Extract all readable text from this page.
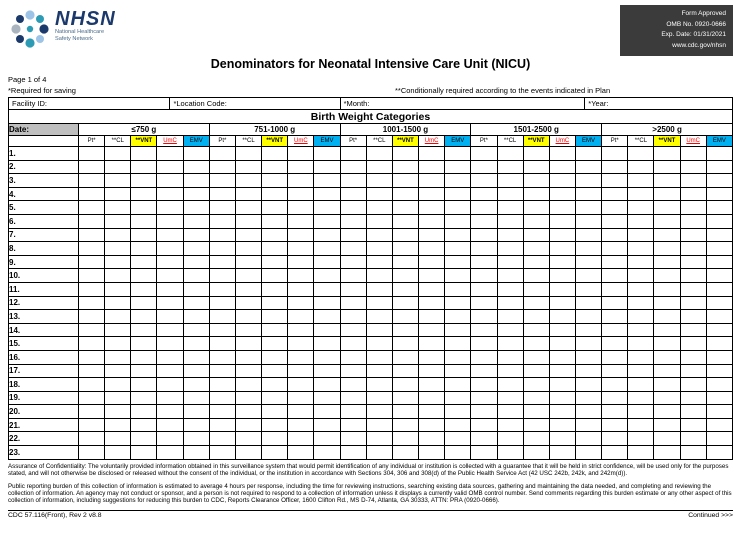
NHSN
National Healthcare
Safety Network
Form Approved
OMB No. 0920-0666
Exp. Date: 01/31/2021
www.cdc.gov/nhsn
Denominators for Neonatal Intensive Care Unit (NICU)
Page 1 of 4
*Required for saving	**Conditionally required according to the events indicated in Plan
Facility ID:	*Location Code:	*Month:	*Year:
Birth Weight Categories
Date:	≤750 g					751-1000 g					1001-1500 g					1501-2500 g					>2500 g				
	Pt*	**CL	**VNT	UmC	EMV	Pt*	**CL	**VNT	UmC	EMV	Pt*	**CL	**VNT	UmC	EMV	Pt*	**CL	**VNT	UmC	EMV	Pt*	**CL	**VNT	UmC	EMV
1.																									
2.																									
3.																									
4.																									
5.																									
6.																									
7.																									
8.																									
9.																									
10.																									
11.																									
12.																									
13.																									
14.																									
15.																									
16.																									
17.																									
18.																									
19.																									
20.																									
21.																									
22.																									
23.																									

Assurance of Confidentiality: The voluntarily provided information obtained in this surveillance system that would permit identification of any individual or institution is collected with a guarantee that it will be held in strict confidence, will be used only for the purposes stated, and will not otherwise be disclosed or released without the consent of the individual, or the institution in accordance with Sections 304, 306 and 308(d) of the Public Health Service Act (42 USC 242b, 242k, and 242m(d)).

Public reporting burden of this collection of information is estimated to average 4 hours per response, including the time for reviewing instructions, searching existing data sources, gathering and maintaining the data needed, and completing and reviewing the collection of information. An agency may not conduct or sponsor, and a person is not required to respond to a collection of information unless it displays a currently valid OMB control number. Send comments regarding this burden estimate or any other aspect of this collection of information, including suggestions for reducing this burden to CDC, Reports Clearance Officer, 1600 Clifton Rd., MS D-74, Atlanta, GA 30333, ATTN: PRA (0920-0666).

CDC 57.116(Front), Rev 2 v8.8	Continued >>>
